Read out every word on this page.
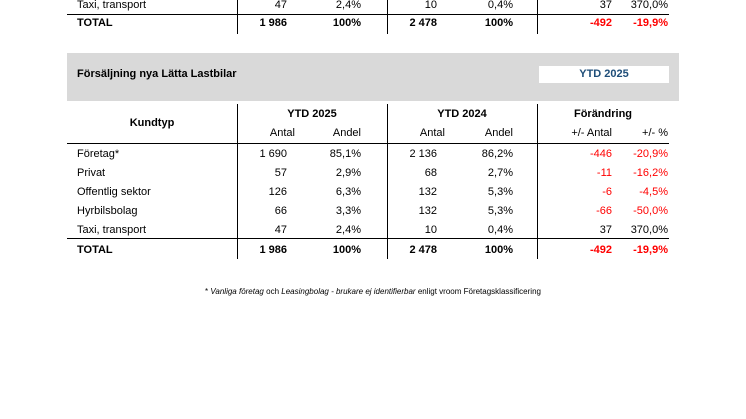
Taxi, transport	47	2,4%	10	0,4%	37	370,0%
TOTAL	1 986	100%	2 478	100%	-492	-19,9%
Försäljning nya Lätta Lastbilar	YTD 2025
Kundtyp
YTD 2025	YTD 2024	Förändring
Antal	Andel	Antal	Andel	+/- Antal	+/- %
Företag*	1 690	85,1%	2 136	86,2%	-446	-20,9%
Privat	57	2,9%	68	2,7%	-11	-16,2%
Offentlig sektor	126	6,3%	132	5,3%	-6	-4,5%
Hyrbilsbolag	66	3,3%	132	5,3%	-66	-50,0%
Taxi, transport	47	2,4%	10	0,4%	37	370,0%
TOTAL	1 986	100%	2 478	100%	-492	-19,9%
* Vanliga företag och Leasingbolag - brukare ej identifierbar enligt vroom Företagsklassificering
